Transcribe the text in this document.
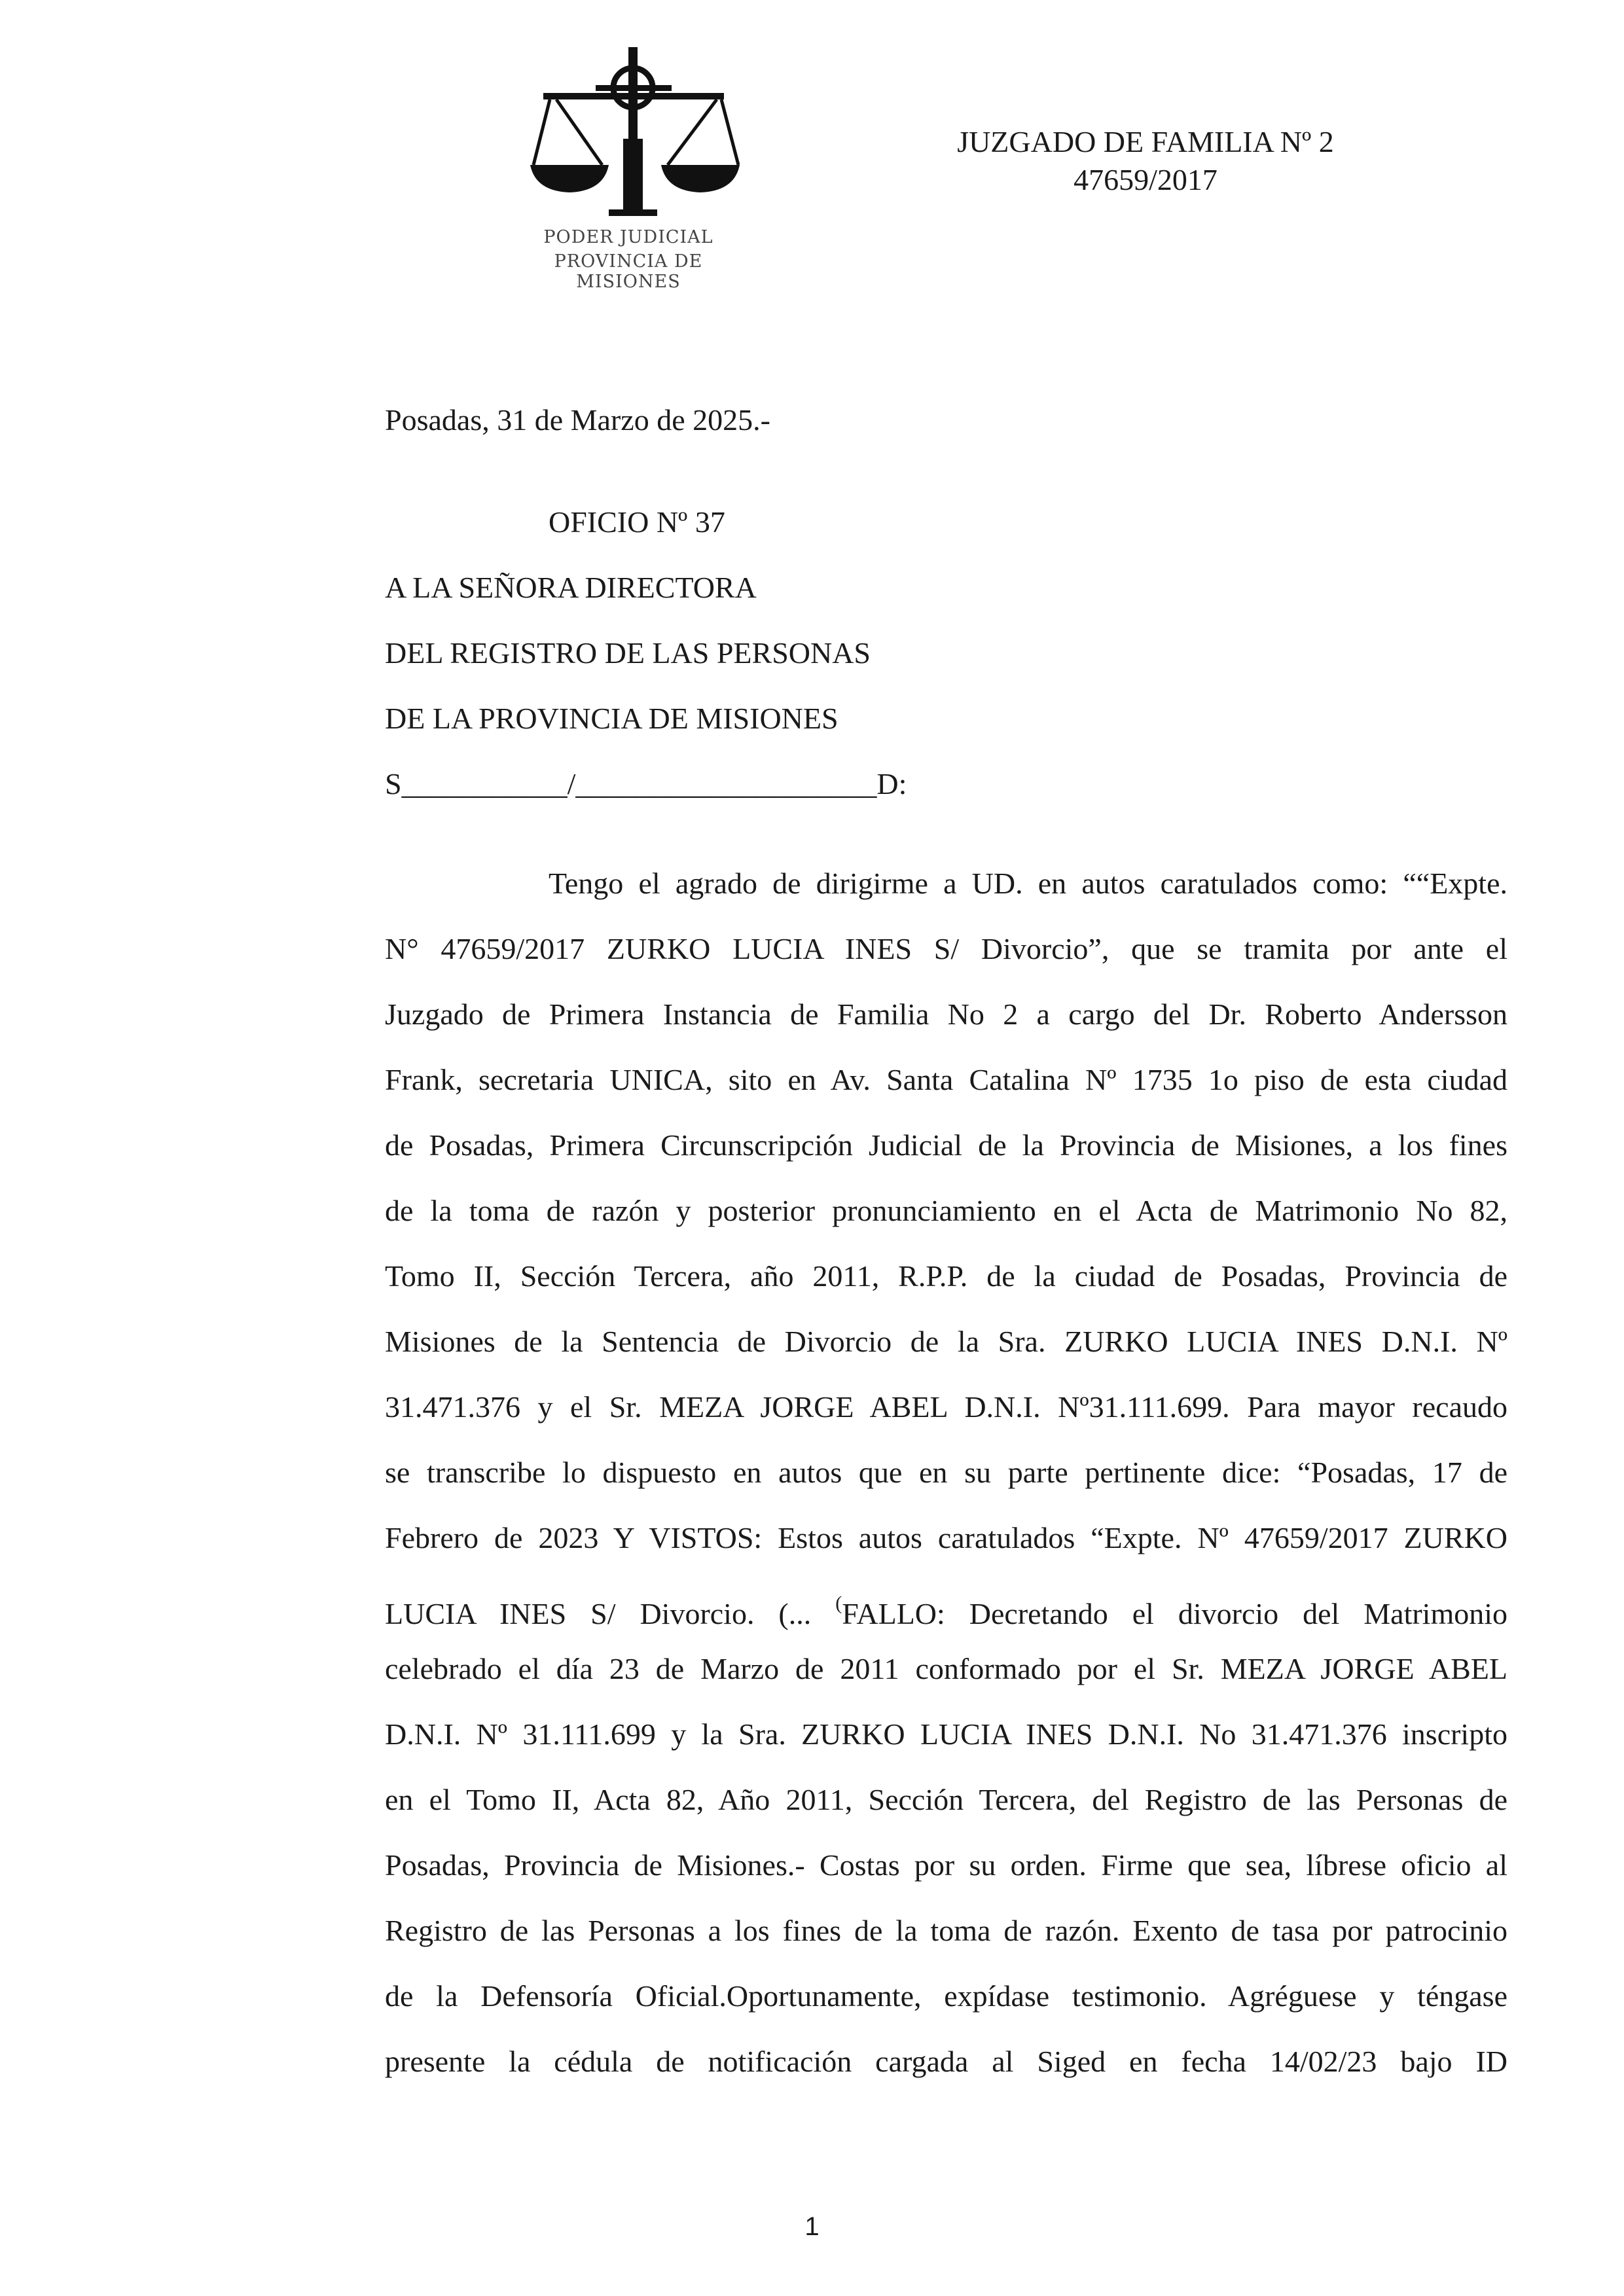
PODER JUDICIAL
PROVINCIA DE MISIONES
JUZGADO DE FAMILIA Nº 2
47659/2017
Posadas, 31 de Marzo de 2025.-
OFICIO Nº 37
A LA SEÑORA DIRECTORA
DEL REGISTRO DE LAS PERSONAS
DE LA PROVINCIA DE MISIONES
S___________/____________________D:
Tengo el agrado de dirigirme a UD. en autos caratulados como: ““Expte.
N° 47659/2017 ZURKO LUCIA INES S/ Divorcio”, que se tramita por ante el
Juzgado de Primera Instancia de Familia No 2 a cargo del Dr. Roberto Andersson
Frank, secretaria UNICA, sito en Av. Santa Catalina Nº 1735 1o piso de esta ciudad
de Posadas, Primera Circunscripción Judicial de la Provincia de Misiones, a los fines
de la toma de razón y posterior pronunciamiento en el Acta de Matrimonio No 82,
Tomo II, Sección Tercera, año 2011, R.P.P. de la ciudad de Posadas, Provincia de
Misiones de la Sentencia de Divorcio de la Sra. ZURKO LUCIA INES D.N.I. Nº
31.471.376 y el Sr. MEZA JORGE ABEL D.N.I. Nº31.111.699. Para mayor recaudo
se transcribe lo dispuesto en autos que en su parte pertinente dice: “Posadas, 17 de
Febrero de 2023 Y VISTOS: Estos autos caratulados “Expte. Nº 47659/2017 ZURKO
LUCIA INES S/ Divorcio. (... (FALLO: Decretando el divorcio del Matrimonio
celebrado el día 23 de Marzo de 2011 conformado por el Sr. MEZA JORGE ABEL
D.N.I. Nº 31.111.699 y la Sra. ZURKO LUCIA INES D.N.I. No 31.471.376 inscripto
en el Tomo II, Acta 82, Año 2011, Sección Tercera, del Registro de las Personas de
Posadas, Provincia de Misiones.- Costas por su orden. Firme que sea, líbrese oficio al
Registro de las Personas a los fines de la toma de razón. Exento de tasa por patrocinio
de la Defensoría Oficial.Oportunamente, expídase testimonio. Agréguese y téngase
presente la cédula de notificación cargada al Siged en fecha 14/02/23 bajo ID
1
